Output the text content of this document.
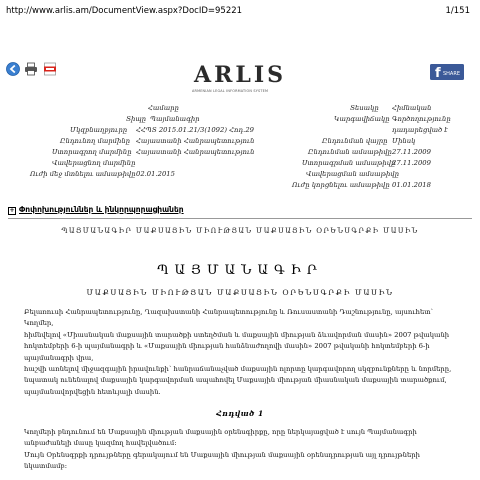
http://www.arlis.am/DocumentView.aspx?DocID=95221	1/151
ARLIS
ARMENIAN LEGAL INFORMATION SYSTEM
f SHARE
Համարը
Տիպը Պայմանագիր
Մկզբնաղբյուրը ՀՀՊՏ 2015.01.21/3(1092) Հոդ.29
Ընդունող մարմինը Հայաստանի Հանրապետություն
Ստորագրող մարմինը Հայաստանի Հանրապետություն
Վավերացնող մարմինը
Ուժի մեջ մտնելու ամսաթիվը 02.01.2015
Տեսակը Հիմնական
Կարգավիճակը Գործողությունը դադարեցված է
Ընդունման վայրը Մինսկ
Ընդունման ամսաթիվը 27.11.2009
Ստորագրման ամսաթիվը
27.11.2009
Վավերացման ամսաթիվը
Ուժը կորցնելու ամսաթիվը 01.01.2018
+ Փոփոխություններ և ինկորպորացիաներ
ՊԱՅՄԱՆԱԳԻՐ ՄԱՔՍԱՅԻՆ ՄԻՈՒԹՅԱՆ ՄԱՔՍԱՅԻՆ ՕՐԵՆՍԳՐՔԻ ՄԱՍԻՆ
ՊԱՅՄԱՆԱԳԻՐ
ՄԱՔՍԱՅԻՆ ՄԻՈՒԹՅԱՆ ՄԱՔՍԱՅԻՆ ՕՐԵՆՍԳՐՔԻ ՄԱՍԻՆ

Բելառուսի Հանրապետությունը, Ղազախստանի Հանրապետությունը և Ռուսաստանի Դաշնությունը, այսուհետ՝ Կողմեր,

հիմնվելով «Միասնական մաքսային տարածքի ստեղծման և մաքսային միության ձևավորման մասին» 2007 թվականի հոկտեմբերի 6-ի պայմանագրի և «Մաքսային միության հանձնաժողովի մասին» 2007 թվականի հոկտեմբերի 6-ի պայմանագրի վրա,

հաշվի առնելով միջազգային իրավունքի՝ հանրաճանաչված մաքսային ոլորտը կարգավորող սկզբունքները և նորմերը,

նպատակ ունենալով մաքսային կարգավորման ապահովել Մաքսային միության միասնական մաքսային տարածքում,

պայմանավորվեցին հետևյալի մասին.

Հոդված 1

Կողմերի բնդունում են Մաքսային միության մաքսային օրենսգիրքը, որը ներկայացված է սույն Պայմանագրի անբաժանելի մասը կազմող հավելվածում:

Մույն Օրենսգրքի դրույթները գերակայում են Մաքսային միության մաքսային օրենսդրության այլ դրույթների նկատմամբ:
